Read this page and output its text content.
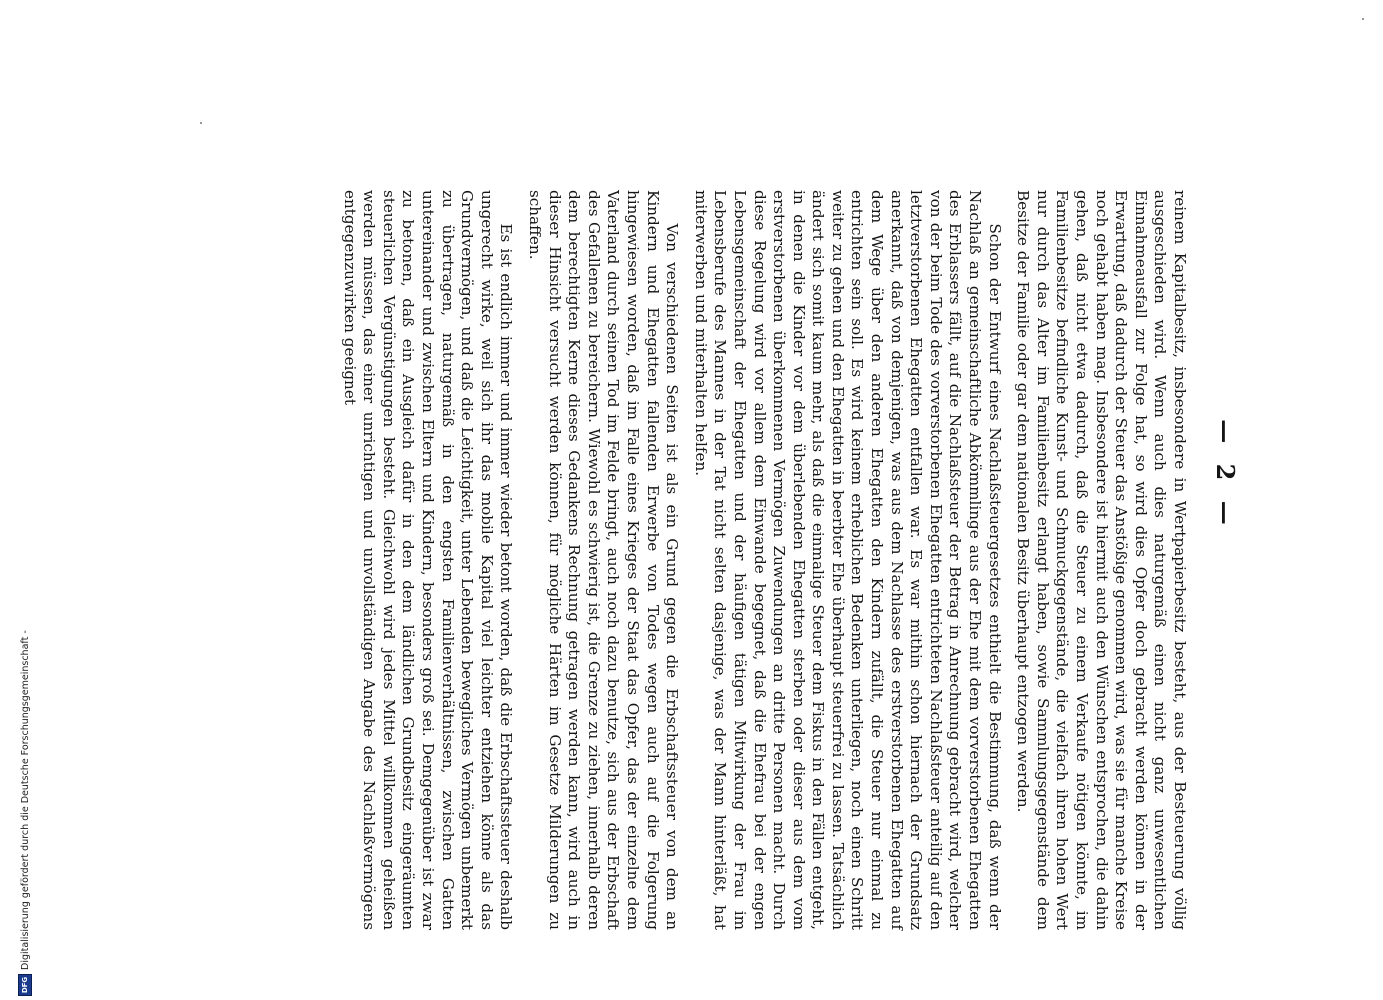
— 2 —

reinem Kapitalbesitz, insbesondere in Wertpapierbesitz besteht, aus der Besteuerung völlig ausgeschieden wird. Wenn auch dies naturgemäß einen nicht ganz unwesentlichen Einnahmeausfall zur Folge hat, so wird dies Opfer doch gebracht werden können in der Erwartung, daß dadurch der Steuer das Anstößige genommen wird, was sie für manche Kreise noch gehabt haben mag. Insbesondere ist hiermit auch den Wünschen entsprochen, die dahin gehen, daß nicht etwa dadurch, daß die Steuer zu einem Verkaufe nötigen könnte, im Familienbesitze befindliche Kunst- und Schmuckgegenstände, die vielfach ihren hohen Wert nur durch das Alter im Familienbesitz erlangt haben, sowie Sammlungsgegenstände dem Besitze der Familie oder gar dem nationalen Besitz überhaupt entzogen werden.

Schon der Entwurf eines Nachlaßsteuergesetzes enthielt die Bestimmung, daß wenn der Nachlaß an gemeinschaftliche Abkömmlinge aus der Ehe mit dem vorverstorbenen Ehegatten des Erblassers fällt, auf die Nachlaßsteuer der Betrag in Anrechnung gebracht wird, welcher von der beim Tode des vorverstorbenen Ehegatten entrichteten Nachlaßsteuer anteilig auf den letztverstorbenen Ehegatten entfallen war. Es war mithin schon hiernach der Grundsatz anerkannt, daß von demjenigen, was aus dem Nachlasse des erstverstorbenen Ehegatten auf dem Wege über den anderen Ehegatten den Kindern zufällt, die Steuer nur einmal zu entrichten sein soll. Es wird keinem erheblichen Bedenken unterliegen, noch einen Schritt weiter zu gehen und den Ehegatten in beerbter Ehe überhaupt steuerfrei zu lassen. Tatsächlich ändert sich somit kaum mehr, als daß die einmalige Steuer dem Fiskus in den Fällen entgeht, in denen die Kinder vor dem überlebenden Ehegatten sterben oder dieser aus dem vom erstverstorbenen überkommenen Vermögen Zuwendungen an dritte Personen macht. Durch diese Regelung wird vor allem dem Einwande begegnet, daß die Ehefrau bei der engen Lebensgemeinschaft der Ehegatten und der häufigen tätigen Mitwirkung der Frau im Lebensberufe des Mannes in der Tat nicht selten dasjenige, was der Mann hinterläßt, hat miterwerben und miterhalten helfen.

Von verschiedenen Seiten ist als ein Grund gegen die Erbschaftssteuer von dem an Kindern und Ehegatten fallenden Erwerbe von Todes wegen auch auf die Folgerung hingewiesen worden, daß im Falle eines Krieges der Staat das Opfer, das der einzelne dem Vaterland durch seinen Tod im Felde bringt, auch noch dazu benutze, sich aus der Erbschaft des Gefallenen zu bereichern. Wiewohl es schwierig ist, die Grenze zu ziehen, innerhalb deren dem berechtigten Kerne dieses Gedankens Rechnung getragen werden kann, wird auch in dieser Hinsicht versucht werden können, für mögliche Härten im Gesetze Milderungen zu schaffen.

Es ist endlich immer und immer wieder betont worden, daß die Erbschaftssteuer deshalb ungerecht wirke, weil sich ihr das mobile Kapital viel leichter entziehen könne als das Grundvermögen, und daß die Leichtigkeit, unter Lebenden bewegliches Vermögen unbemerkt zu übertragen, naturgemäß in den engsten Familienverhältnissen, zwischen Gatten untereinander und zwischen Eltern und Kindern, besonders groß sei. Demgegenüber ist zwar zu betonen, daß ein Ausgleich dafür in den dem ländlichen Grundbesitz eingeräumten steuerlichen Vergünstigungen besteht. Gleichwohl wird jedes Mittel willkommen geheißen werden müssen, das einer unrichtigen und unvollständigen Angabe des Nachlaßvermögens entgegenzuwirken geeignet

DFG
Digitalisierung gefördert durch die Deutsche Forschungsgemeinschaft -
